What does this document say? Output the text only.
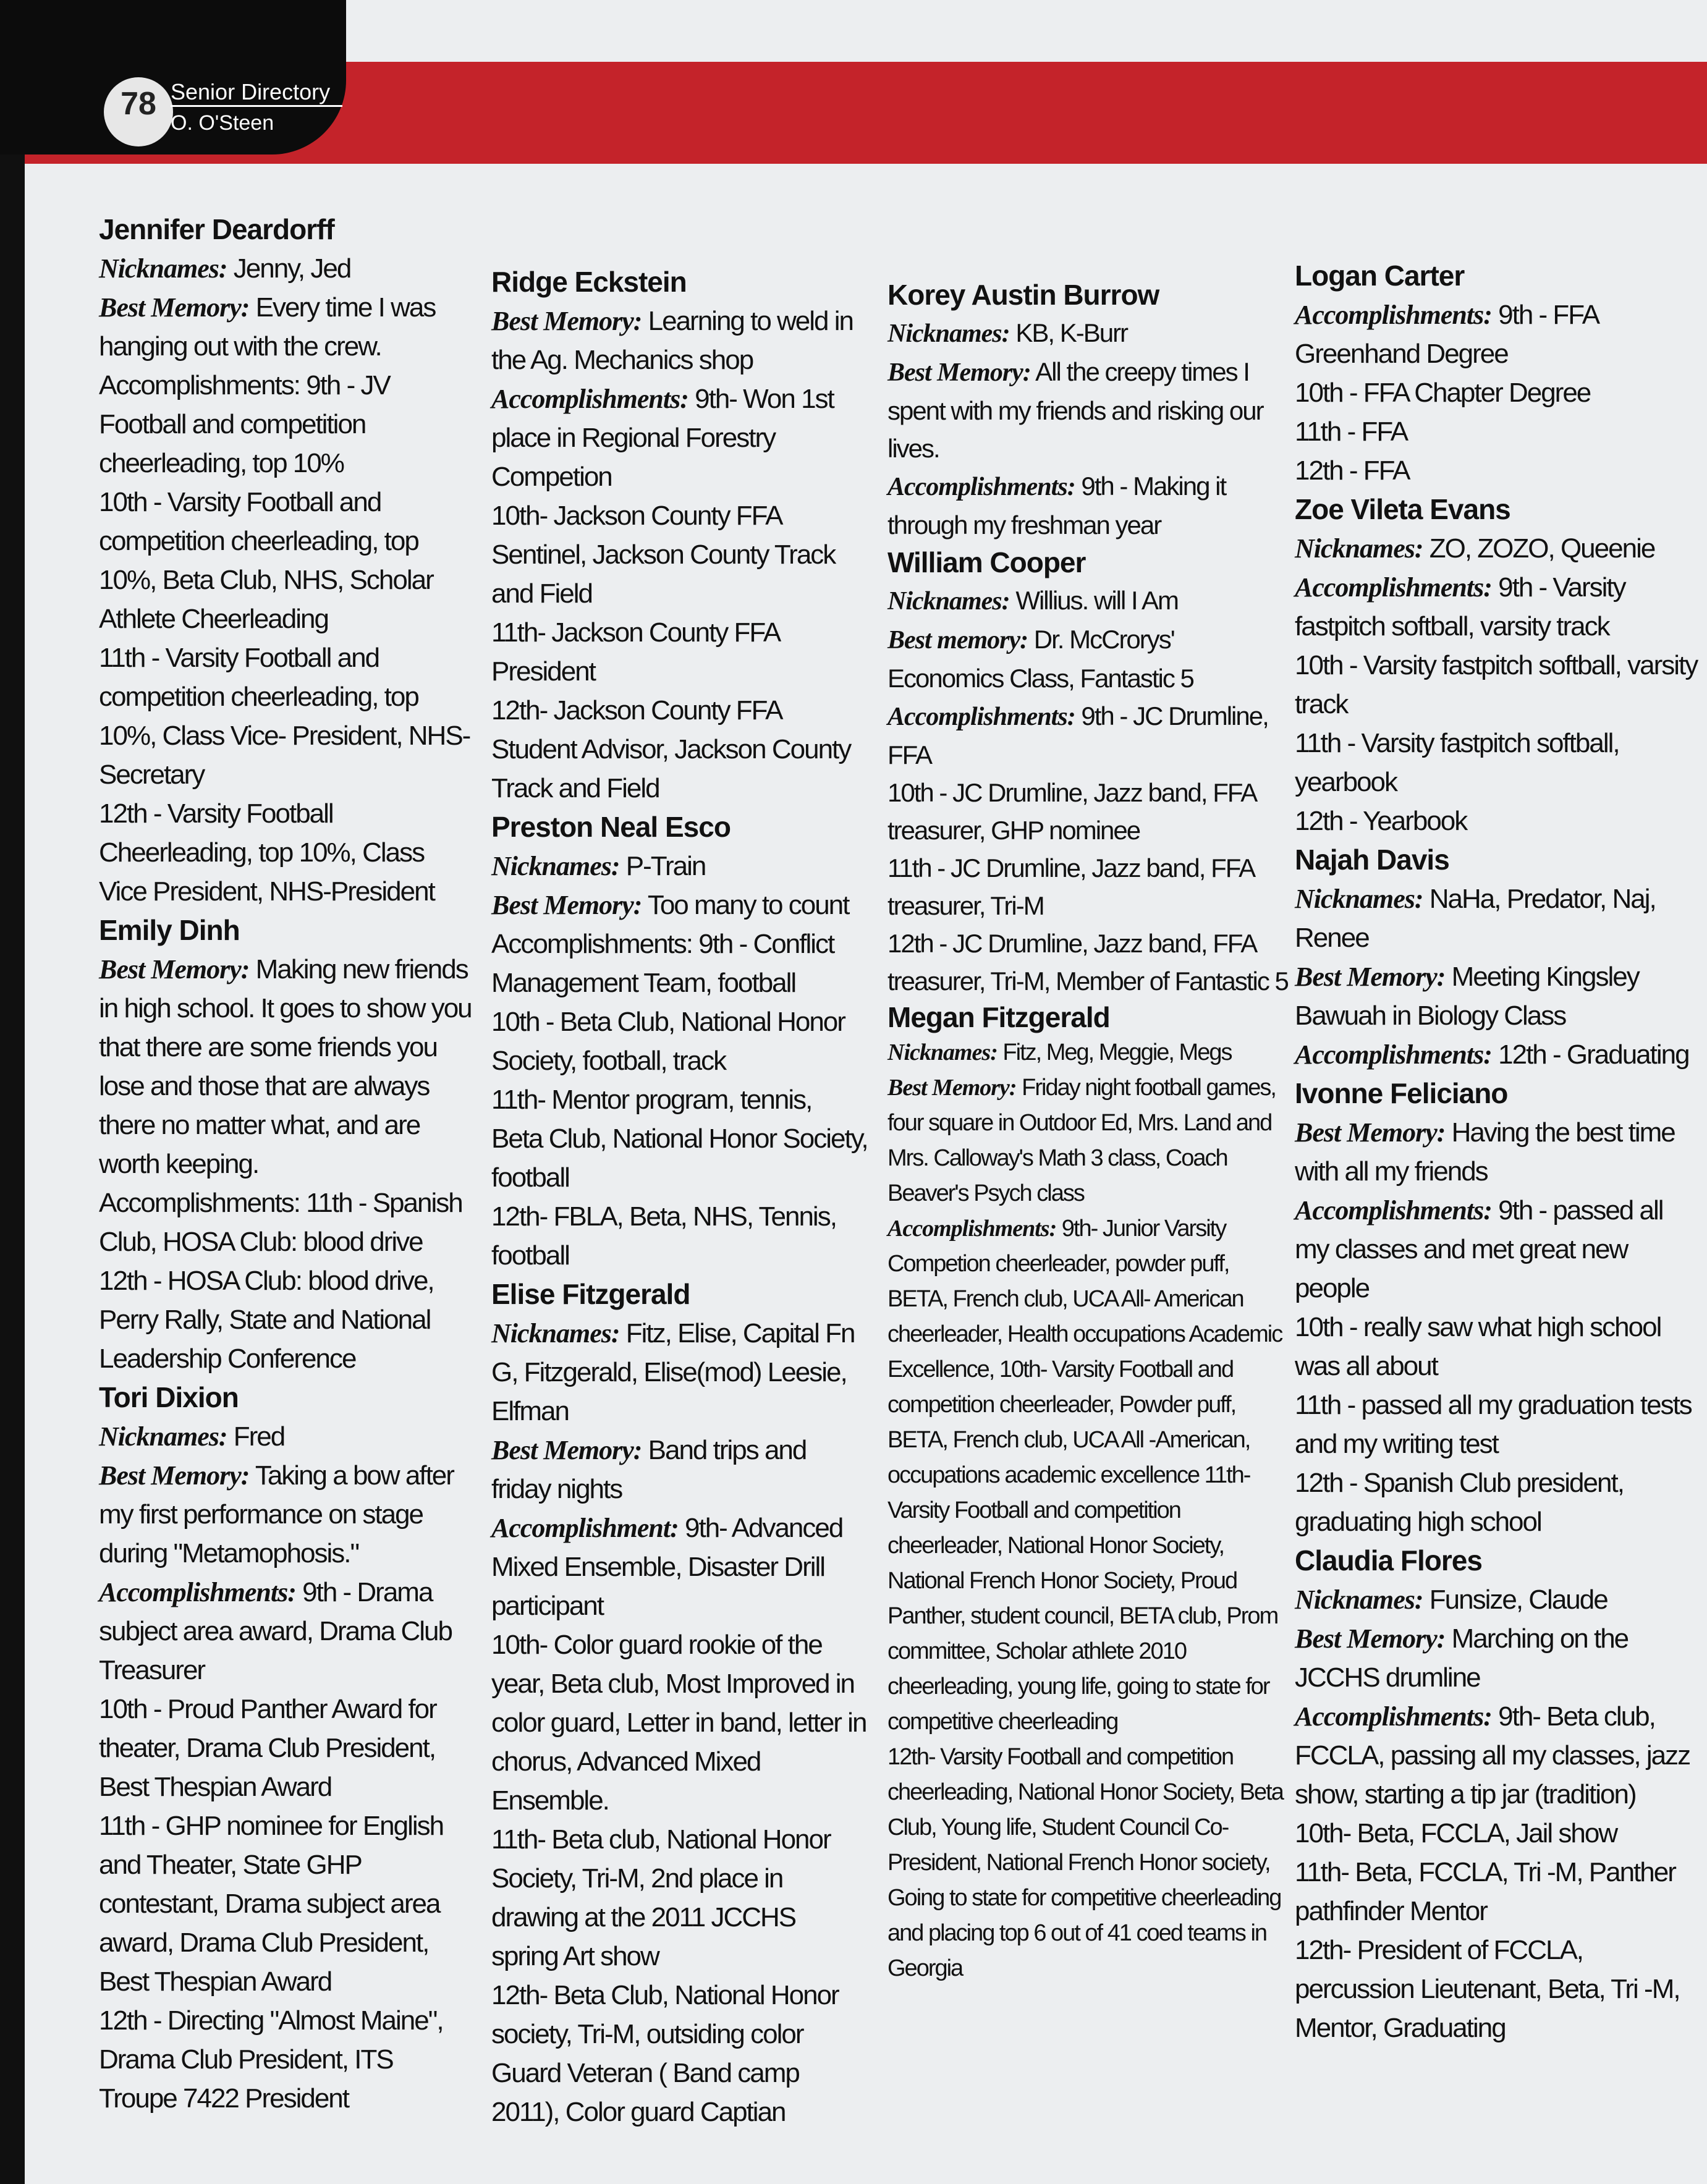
78 Senior Directory
O. O'Steen
Jennifer Deardorff
Nicknames: Jenny, Jed
Best Memory: Every time I was hanging out with the crew.
Accomplishments: 9th - JV Football and competition cheerleading, top 10%
10th - Varsity Football and competition cheerleading, top 10%, Beta Club, NHS, Scholar Athlete Cheerleading
11th - Varsity Football and competition cheerleading, top 10%, Class Vice- President, NHS- Secretary
12th - Varsity Football Cheerleading, top 10%, Class Vice President, NHS-President
Emily Dinh
Best Memory: Making new friends in high school. It goes to show you that there are some friends you lose and those that are always there no matter what, and are worth keeping.
Accomplishments: 11th - Spanish Club, HOSA Club: blood drive
12th - HOSA Club: blood drive, Perry Rally, State and National Leadership Conference
Tori Dixion
Nicknames: Fred
Best Memory: Taking a bow after my first performance on stage during "Metamophosis."
Accomplishments: 9th - Drama subject area award, Drama Club Treasurer
10th - Proud Panther Award for theater, Drama Club President, Best Thespian Award
11th - GHP nominee for English and Theater, State GHP contestant, Drama subject area award, Drama Club President, Best Thespian Award
12th - Directing "Almost Maine", Drama Club President, ITS Troupe 7422 President
Ridge Eckstein
Best Memory: Learning to weld in the Ag. Mechanics shop
Accomplishments: 9th- Won 1st place in Regional Forestry Competion
10th- Jackson County FFA Sentinel, Jackson County Track and Field
11th- Jackson County FFA President
12th- Jackson County FFA Student Advisor, Jackson County Track and Field
Preston Neal Esco
Nicknames: P-Train
Best Memory: Too many to count
Accomplishments: 9th - Conflict Management Team, football
10th - Beta Club, National Honor Society, football, track
11th- Mentor program, tennis, Beta Club, National Honor Society, football
12th- FBLA, Beta, NHS, Tennis, football
Elise Fitzgerald
Nicknames: Fitz, Elise, Capital Fn G, Fitzgerald, Elise(mod) Leesie, Elfman
Best Memory: Band trips and friday nights
Accomplishment: 9th- Advanced Mixed Ensemble, Disaster Drill participant
10th- Color guard rookie of the year, Beta club, Most Improved in color guard, Letter in band, letter in chorus, Advanced Mixed Ensemble.
11th- Beta club, National Honor Society, Tri-M, 2nd place in drawing at the 2011 JCCHS spring Art show
12th- Beta Club, National Honor society, Tri-M, outsiding color Guard Veteran ( Band camp 2011), Color guard Captian
Korey Austin Burrow
Nicknames: KB, K-Burr
Best Memory: All the creepy times I spent with my friends and risking our lives.
Accomplishments: 9th - Making it through my freshman year
William Cooper
Nicknames: Willius. will I Am
Best memory: Dr. McCrorys' Economics Class, Fantastic 5
Accomplishments: 9th - JC Drumline, FFA
10th - JC Drumline, Jazz band, FFA treasurer, GHP nominee
11th - JC Drumline, Jazz band, FFA treasurer, Tri-M
12th - JC Drumline, Jazz band, FFA treasurer, Tri-M, Member of Fantastic 5
Megan Fitzgerald
Nicknames: Fitz, Meg, Meggie, Megs
Best Memory: Friday night football games, four square in Outdoor Ed, Mrs. Land and Mrs. Calloway's Math 3 class, Coach Beaver's Psych class
Accomplishments: 9th- Junior Varsity Competion cheerleader, powder puff, BETA, French club, UCA All- American cheerleader, Health occupations Academic Excellence, 10th- Varsity Football and competition cheerleader, Powder puff, BETA, French club, UCA All -American, occupations academic excellence 11th- Varsity Football and competition cheerleader, National Honor Society, National French Honor Society, Proud Panther, student council, BETA club, Prom committee, Scholar athlete 2010 cheerleading, young life, going to state for competitive cheerleading
12th- Varsity Football and competition cheerleading, National Honor Society, Beta Club, Young life, Student Council Co- President, National French Honor society, Going to state for competitive cheerleading and placing top 6 out of 41 coed teams in Georgia
Logan Carter
Accomplishments: 9th - FFA Greenhand Degree
10th - FFA Chapter Degree
11th - FFA
12th - FFA
Zoe Vileta Evans
Nicknames: ZO, ZOZO, Queenie
Accomplishments: 9th - Varsity fastpitch softball, varsity track
10th - Varsity fastpitch softball, varsity track
11th - Varsity fastpitch softball, yearbook
12th - Yearbook
Najah Davis
Nicknames: NaHa, Predator, Naj, Renee
Best Memory: Meeting Kingsley Bawuah in Biology Class
Accomplishments: 12th - Graduating
Ivonne Feliciano
Best Memory: Having the best time with all my friends
Accomplishments: 9th - passed all my classes and met great new people
10th - really saw what high school was all about
11th - passed all my graduation tests and my writing test
12th - Spanish Club president, graduating high school
Claudia Flores
Nicknames: Funsize, Claude
Best Memory: Marching on the JCCHS drumline
Accomplishments: 9th- Beta club, FCCLA, passing all my classes, jazz show, starting a tip jar (tradition)
10th- Beta, FCCLA, Jail show
11th- Beta, FCCLA, Tri -M, Panther pathfinder Mentor
12th- President of FCCLA, percussion Lieutenant, Beta, Tri -M, Mentor, Graduating
